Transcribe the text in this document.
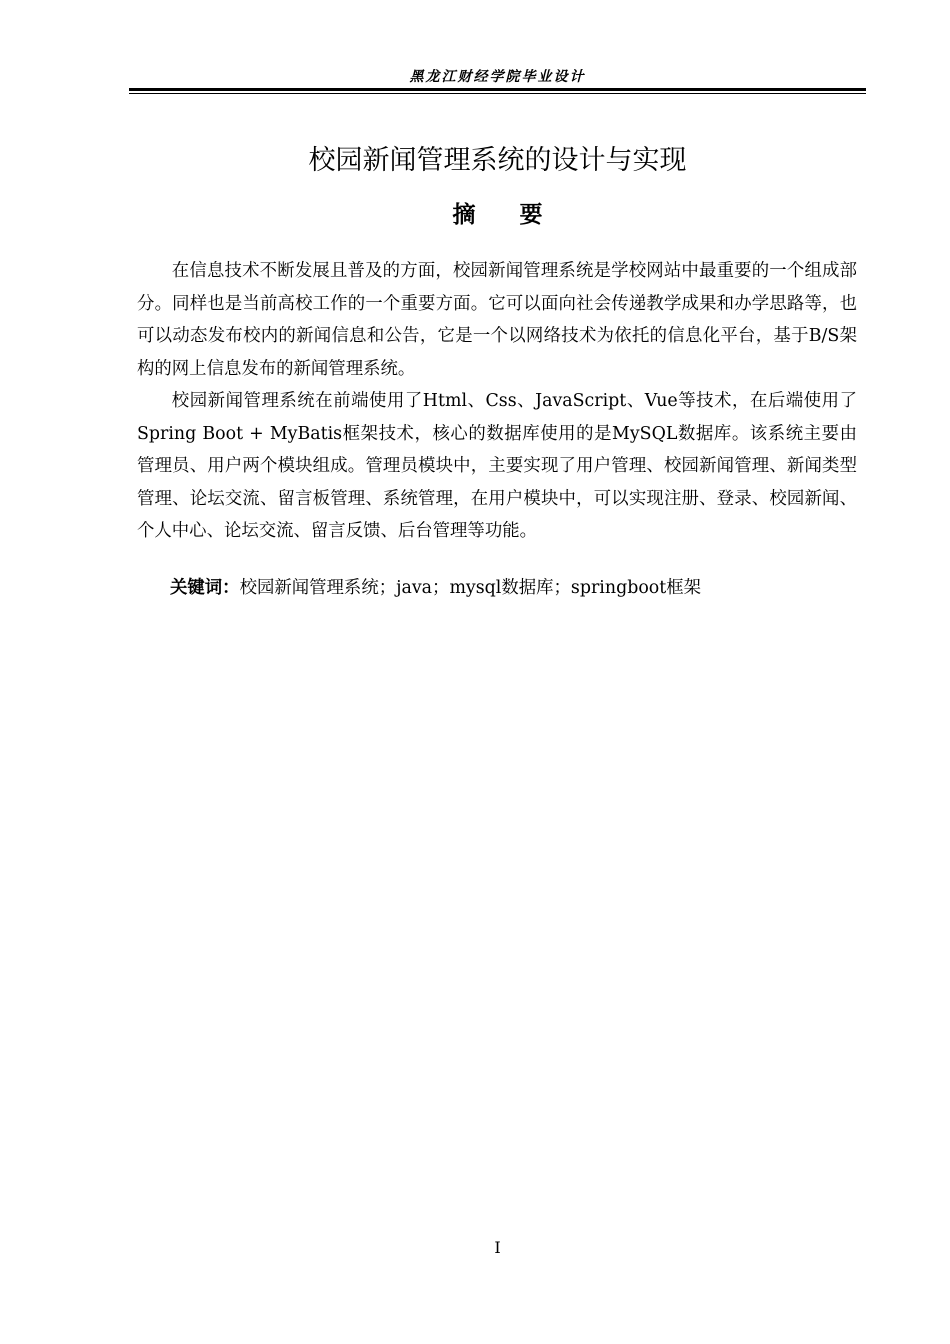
黑龙江财经学院毕业设计
校园新闻管理系统的设计与实现
摘 要

在信息技术不断发展且普及的方面，校园新闻管理系统是学校网站中最重要的一个组成部分。同样也是当前高校工作的一个重要方面。它可以面向社会传递教学成果和办学思路等，也可以动态发布校内的新闻信息和公告，它是一个以网络技术为依托的信息化平台，基于B/S架构的网上信息发布的新闻管理系统。

校园新闻管理系统在前端使用了Html、Css、JavaScript、Vue等技术，在后端使用了Spring Boot + MyBatis框架技术，核心的数据库使用的是MySQL数据库。该系统主要由管理员、用户两个模块组成。管理员模块中，主要实现了用户管理、校园新闻管理、新闻类型管理、论坛交流、留言板管理、系统管理，在用户模块中，可以实现注册、登录、校园新闻、个人中心、论坛交流、留言反馈、后台管理等功能。

关键词：校园新闻管理系统；java；mysql数据库；springboot框架
I
